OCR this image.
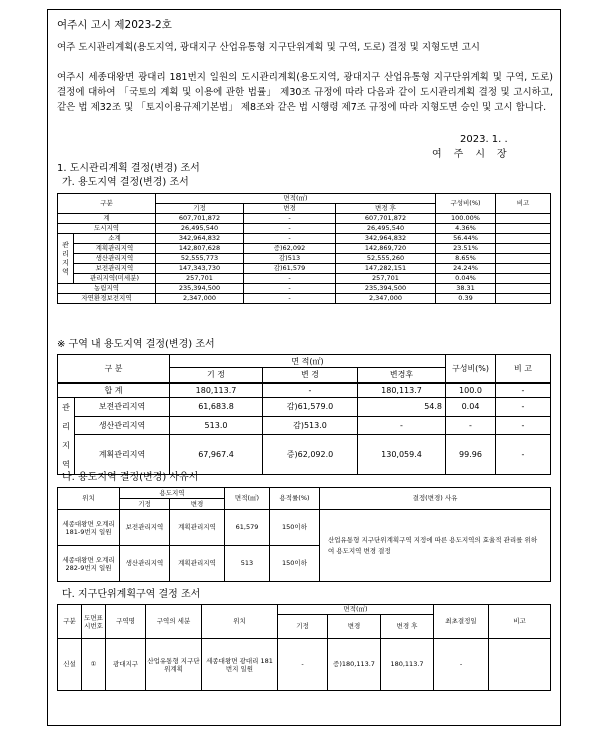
여주시 고시 제2023-2호
여주 도시관리계획(용도지역, 광대지구 산업유통형 지구단위계획 및 구역, 도로) 결정 및 지형도면 고시
여주시 세종대왕면 광대리 181번지 일원의 도시관리계획(용도지역, 광대지구 산업유통형 지구단위계획 및 구역, 도로) 결정에 대하여 「국토의 계획 및 이용에 관한 법률」 제30조 규정에 따라 다음과 같이 도시관리계획 결정 및 고시하고, 같은 법 제32조 및 「토지이용규제기본법」 제8조와 같은 법 시행령 제7조 규정에 따라 지형도면 승인 및 고시 합니다.
2023. 1. .
여주시장
1. 도시관리계획 결정(변경) 조서
가. 용도지역 결정(변경) 조서
구분		면적(㎡)			구성비(%)	비고
		기정	변경	변경 후		
계		607,701,872	-	607,701,872	100.00%	
도시지역		26,495,540	-	26,495,540	4.36%	
관리지역	소계	342,964,832	-	342,964,832	56.44%	
	계획관리지역	142,807,628	증)62,092	142,869,720	23.51%	
	생산관리지역	52,555,773	감)513	52,555,260	8.65%	
	보전관리지역	147,343,730	감)61,579	147,282,151	24.24%	
	관리지역(미세분)	257,701	-	257,701	0.04%	
농림지역		235,394,500	-	235,394,500	38.31	
자연환경보전지역		2,347,000	-	2,347,000	0.39	
※ 구역 내 용도지역 결정(변경) 조서
구 분		면 적(㎡)			구성비(%)	비 고
		기 정	변 경	변경후		
합 계		180,113.7	-	180,113.7	100.0	-
관리지역	보전관리지역	61,683.8	감)61,579.0	54.8	0.04	-
	생산관리지역	513.0	감)513.0	-	-	-
	계획관리지역	67,967.4	증)62,092.0	130,059.4	99.96	-
나. 용도지역 결정(변경) 사유서
위치	용도지역		면적(㎡)	용적률(%)	결정(변경) 사유
	기정	변경			
세종대왕면 오계리 181-9번지 일원	보전관리지역	계획관리지역	61,579	150이하	산업유통형 지구단위계획구역 지정에 따른 용도지역의 효율적 관리를 위하여 용도지역 변경 결정
세종대왕면 오계리 282-9번지 일원	생산관리지역	계획관리지역	513	150이하	
다. 지구단위계획구역 결정 조서
구분	도면표시번호	구역명	구역의 세분	위치	면적(㎡)			최초결정일	비고
					기정	변경	변경 후		
신설	①	광대지구	산업유통형 지구단위계획	세종대왕면 광대리 181번지 일원	-	증)180,113.7	180,113.7	-	
